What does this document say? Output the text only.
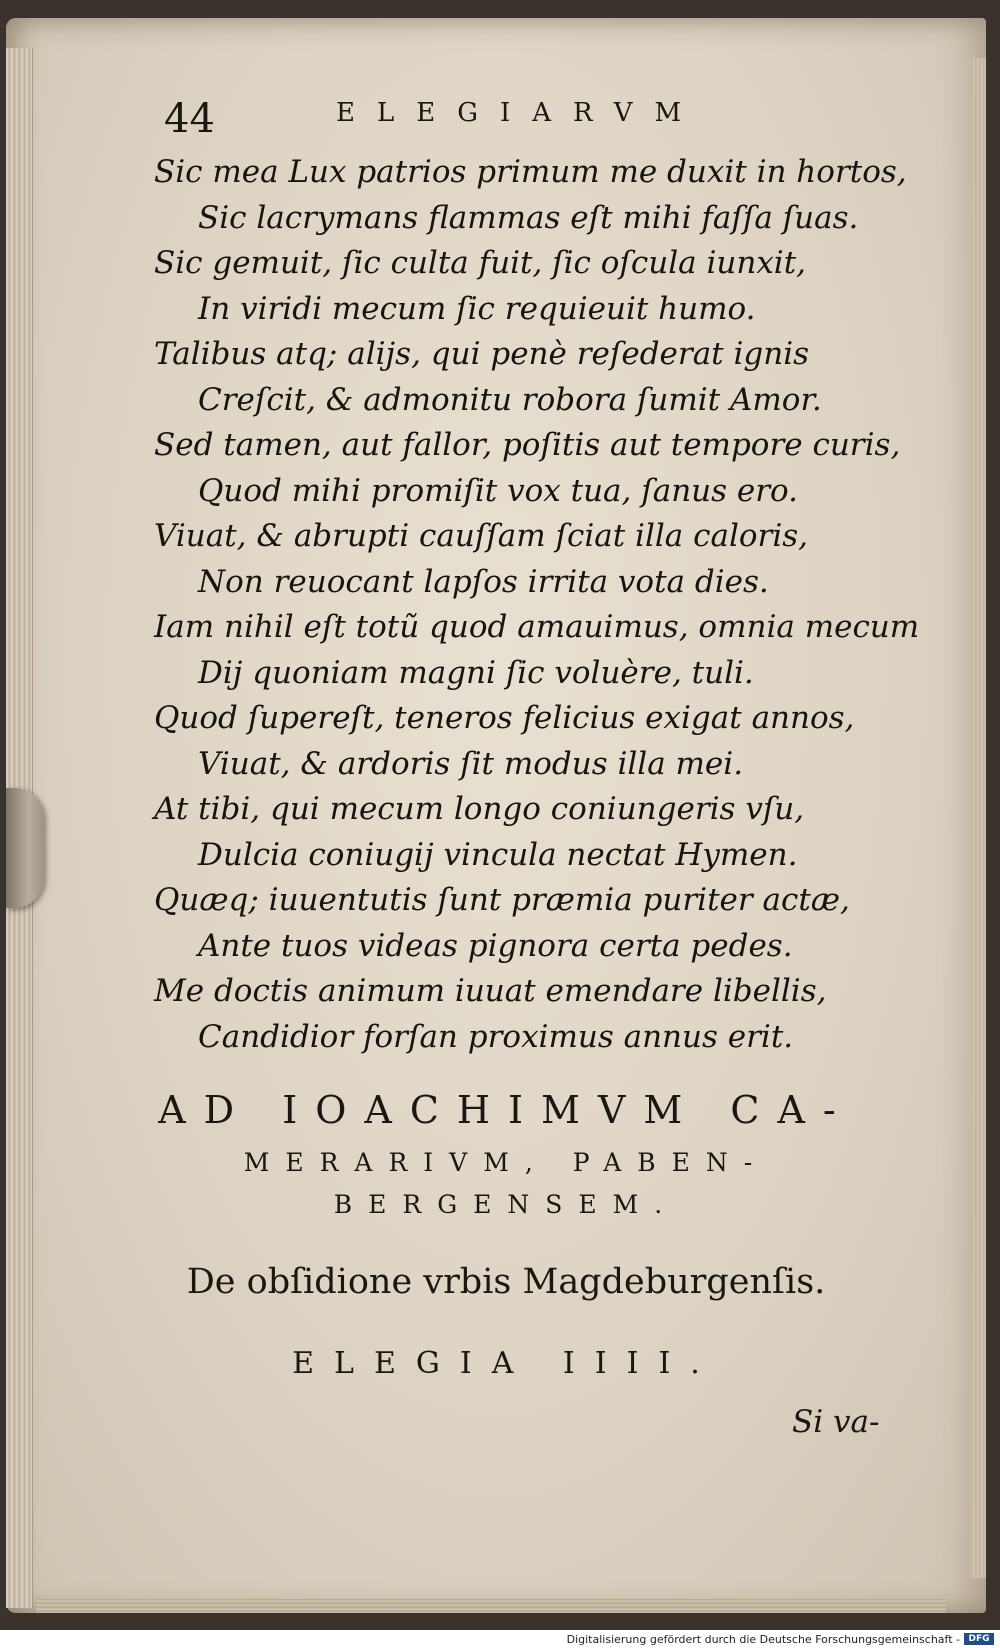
44	ELEGIARVM
Sic mea Lux patrios primum me duxit in hortos,
Sic lacrymans flammas eſt mihi faſſa ſuas.
Sic gemuit, ſic culta fuit, ſic oſcula iunxit,
In viridi mecum ſic requieuit humo.
Talibus atq; aliјs, qui penè reſederat ignis
Creſcit, & admonitu robora ſumit Amor.
Sed tamen, aut fallor, poſitis aut tempore curis,
Quod mihi promiſit vox tua, ſanus ero.
Viuat, & abrupti cauſſam ſciat illa caloris,
Non reuocant lapſos irrita vota dies.
Iam nihil eſt totũ quod amauimus, omnia mecum
Dij quoniam magni ſic voluère, tuli.
Quod ſupereſt, teneros felicius exigat annos,
Viuat, & ardoris ſit modus illa mei.
At tibi, qui mecum longo coniungeris vſu,
Dulcia coniugij vincula nectat Hymen.
Quæq; iuuentutis ſunt præmia puriter actæ,
Ante tuos videas pignora certa pedes.
Me doctis animum iuuat emendare libellis,
Candidior forſan proximus annus erit.
AD IOACHIMVM CA-
MERARIVM, PABEN-
BERGENSEM.
De obſidione vrbis Magdeburgenſis.
ELEGIA IIII.
Si va-
Digitalisierung gefördert durch die Deutsche Forschungsgemeinschaft - DFG
